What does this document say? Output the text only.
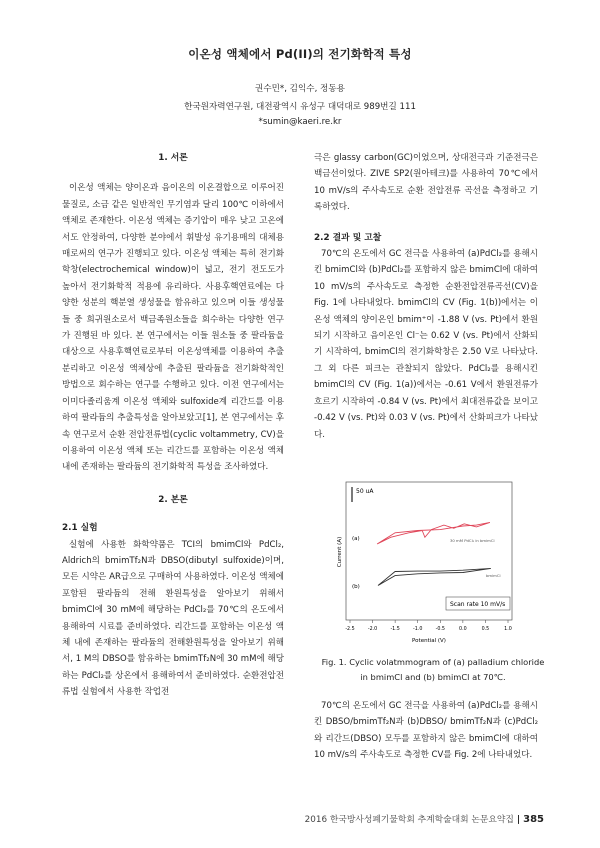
이온성 액체에서 Pd(II)의 전기화학적 특성
권수민*, 김익수, 정동용
한국원자력연구원, 대전광역시 유성구 대덕대로 989번길 111
*sumin@kaeri.re.kr
1. 서론

이온성 액체는 양이온과 음이온의 이온결합으로 이루어진 물질로, 소금 같은 일반적인 무기염과 달리 100℃ 이하에서 액체로 존재한다. 이온성 액체는 증기압이 매우 낮고 고온에서도 안정하여, 다양한 분야에서 휘발성 유기용매의 대체용매로써의 연구가 진행되고 있다. 이온성 액체는 특히 전기화학창(electrochemical window)이 넓고, 전기 전도도가 높아서 전기화학적 적용에 유리하다. 사용후핵연료에는 다양한 성분의 핵분열 생성물을 함유하고 있으며 이들 생성물들 중 희귀원소로서 백금족원소들을 회수하는 다양한 연구가 진행된 바 있다. 본 연구에서는 이들 원소들 중 팔라듐을 대상으로 사용후핵연료로부터 이온성액체를 이용하여 추출 분리하고 이온성 액체상에 추출된 팔라듐을 전기화학적인 방법으로 회수하는 연구를 수행하고 있다. 이전 연구에서는 이미다졸리움계 이온성 액체와 sulfoxide계 리간드를 이용하여 팔라듐의 추출특성을 알아보았고[1], 본 연구에서는 후속 연구로서 순환 전압전류법(cyclic voltammetry, CV)을 이용하여 이온성 액체 또는 리간드를 포함하는 이온성 액체 내에 존재하는 팔라듐의 전기화학적 특성을 조사하였다.

2. 본론
2.1 실험

실험에 사용한 화학약품은 TCI의 bmimCl와 PdCl₂, Aldrich의 bmimTf₂N과 DBSO(dibutyl sulfoxide)이며, 모든 시약은 AR급으로 구매하여 사용하였다. 이온성 액체에 포함된 팔라듐의 전해 환원특성을 알아보기 위해서 bmimCl에 30 mM에 해당하는 PdCl₂를 70℃의 온도에서 용해하여 시료를 준비하였다. 리간드를 포함하는 이온성 액체 내에 존재하는 팔라듐의 전해환원특성을 알아보기 위해서, 1 M의 DBSO를 함유하는 bmimTf₂N에 30 mM에 해당하는 PdCl₂를 상온에서 용해하여서 준비하였다. 순환전압전류법 실험에서 사용한 작업전

극은 glassy carbon(GC)이었으며, 상대전극과 기준전극은 백금선이었다. ZIVE SP2(원아테크)를 사용하여 70℃에서 10 mV/s의 주사속도로 순환 전압전류 곡선을 측정하고 기록하였다.

2.2 결과 및 고찰

70℃의 온도에서 GC 전극을 사용하여 (a)PdCl₂를 용해시킨 bmimCl와 (b)PdCl₂를 포함하지 않은 bmimCl에 대하여 10 mV/s의 주사속도로 측정한 순환전압전류곡선(CV)을 Fig. 1에 나타내었다. bmimCl의 CV (Fig. 1(b))에서는 이온성 액체의 양이온인 bmim⁺이 -1.88 V (vs. Pt)에서 환원되기 시작하고 음이온인 Cl⁻는 0.62 V (vs. Pt)에서 산화되기 시작하여, bmimCl의 전기화학창은 2.50 V로 나타났다. 그 외 다른 피크는 관찰되지 않았다. PdCl₂를 용해시킨 bmimCl의 CV (Fig. 1(a))에서는 -0.61 V에서 환원전류가 흐르기 시작하여 -0.84 V (vs. Pt)에서 최대전류값을 보이고 -0.42 V (vs. Pt)와 0.03 V (vs. Pt)에서 산화피크가 나타났다.

50 uA
(a)
(b)
30 mM PdCl₂ in bmimCl
bmimCl
Scan rate 10 mV/s
-2.5	-2.0	-1.5	-1.0	-0.5	0.0	0.5	1.0
Current (A)
Potential (V)
Fig. 1. Cyclic volatmmogram of (a) palladium chloride in bmimCl and (b) bmimCl at 70℃.

70℃의 온도에서 GC 전극을 사용하여 (a)PdCl₂를 용해시킨 DBSO/bmimTf₂N과 (b)DBSO/ bmimTf₂N과 (c)PdCl₂와 리간드(DBSO) 모두를 포함하지 않은 bmimCl에 대하여 10 mV/s의 주사속도로 측정한 CV를 Fig. 2에 나타내었다.

2016 한국방사성폐기물학회 추계학술대회 논문요약집 | 385
